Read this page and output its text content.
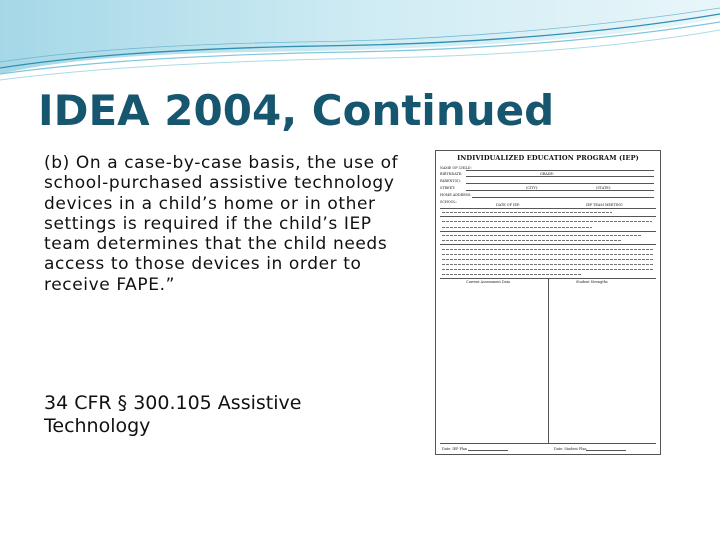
IDEA 2004, Continued
(b) On a case-by-case basis, the use of school-purchased assistive technology devices in a child’s home or in other settings is required if the child’s IEP team determines that the child needs access to those devices in order to receive FAPE.”
34 CFR § 300.105 Assistive Technology
INDIVIDUALIZED EDUCATION PROGRAM (IEP)
NAME OF CHILD:
BIRTHDATE:	GRADE:
PARENT(S):
STREET:	(CITY):	(STATE):
HOME ADDRESS:
SCHOOL:
DATE OF IEP:	IEP TEAM MEETING
Current Assessment Data	Student Strengths
Date: IEP Plan	Date: Student Plan
